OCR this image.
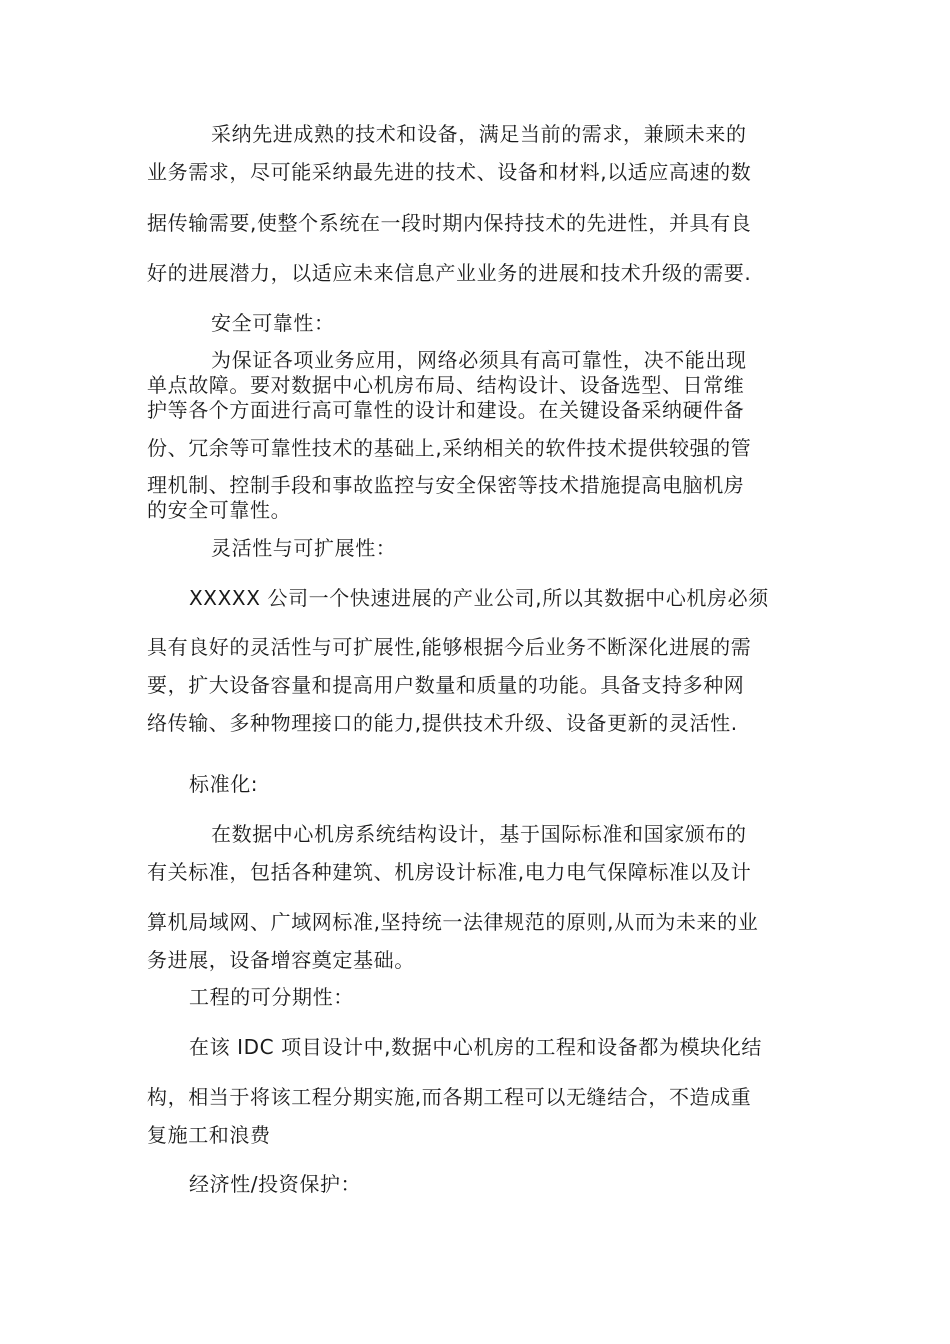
采纳先进成熟的技术和设备，满足当前的需求，兼顾未来的
业务需求，尽可能采纳最先进的技术、设备和材料,以适应高速的数
据传输需要,使整个系统在一段时期内保持技术的先进性，并具有良
好的进展潜力，以适应未来信息产业业务的进展和技术升级的需要.
安全可靠性：
为保证各项业务应用，网络必须具有高可靠性，决不能出现
单点故障。要对数据中心机房布局、结构设计、设备选型、日常维
护等各个方面进行高可靠性的设计和建设。在关键设备采纳硬件备
份、冗余等可靠性技术的基础上,采纳相关的软件技术提供较强的管
理机制、控制手段和事故监控与安全保密等技术措施提高电脑机房
的安全可靠性。
灵活性与可扩展性：
XXXXX 公司一个快速进展的产业公司,所以其数据中心机房必须
具有良好的灵活性与可扩展性,能够根据今后业务不断深化进展的需
要，扩大设备容量和提高用户数量和质量的功能。具备支持多种网
络传输、多种物理接口的能力,提供技术升级、设备更新的灵活性.
标准化:
在数据中心机房系统结构设计，基于国际标准和国家颁布的
有关标准，包括各种建筑、机房设计标准,电力电气保障标准以及计
算机局域网、广域网标准,坚持统一法律规范的原则,从而为未来的业
务进展，设备增容奠定基础。
工程的可分期性：
在该 IDC 项目设计中,数据中心机房的工程和设备都为模块化结
构，相当于将该工程分期实施,而各期工程可以无缝结合，不造成重
复施工和浪费
经济性/投资保护：
